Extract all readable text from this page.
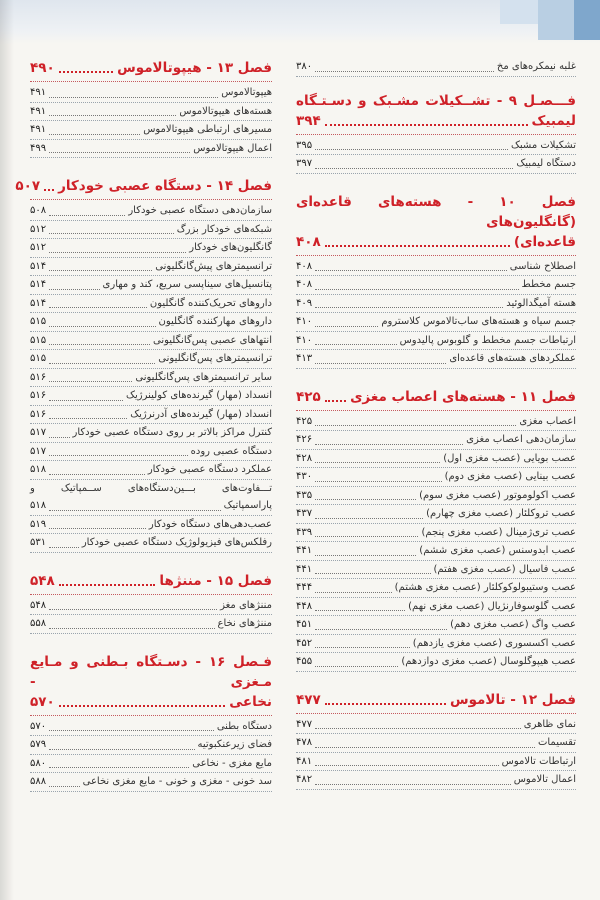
غلبه نیمکره‌های مخ
۳۸۰
فـــصـل ۹ - تشــکیلات مشـبک و دسـتـگاه
لیمبیک
۳۹۴
تشکیلات مشبک
۳۹۵
دستگاه لیمبیک
۳۹۷
فصل ۱۰ - هسته‌های قاعده‌ای (گانگلیون‌های
قاعده‌ای)
۴۰۸
اصطلاح شناسی
۴۰۸
جسم مخطط
۴۰۸
هسته آمیگدالوئید
۴۰۹
جسم سیاه و هسته‌های ساب‌تالاموس کلاستروم
۴۱۰
ارتباطات جسم مخطط و گلوبوس پالیدوس
۴۱۰
عملکردهای هسته‌های قاعده‌ای
۴۱۳
فصل ۱۱ - هسته‌های اعصاب مغزی
۴۲۵
اعصاب مغزی
۴۲۵
سازمان‌دهی اعصاب مغزی
۴۲۶
عصب بویایی (عصب مغزی اول)
۴۲۸
عصب بینایی (عصب مغزی دوم)
۴۳۰
عصب اکولوموتور (عصب مغزی سوم)
۴۳۵
عصب تروکلئار (عصب مغزی چهارم)
۴۳۷
عصب تری‌ژمینال (عصب مغزی پنجم)
۴۳۹
عصب ابدوسنس (عصب مغزی ششم)
۴۴۱
عصب فاسیال (عصب مغزی هفتم)
۴۴۱
عصب وستیبولوکوکلئار (عصب مغزی هشتم)
۴۴۴
عصب گلوسوفارنژیال (عصب مغزی نهم)
۴۴۸
عصب واگ (عصب مغزی دهم)
۴۵۱
عصب اکسسوری (عصب مغزی یازدهم)
۴۵۲
عصب هیپوگلوسال (عصب مغزی دوازدهم)
۴۵۵
فصل ۱۲ - تالاموس
۴۷۷
نمای ظاهری
۴۷۷
تقسیمات
۴۷۸
ارتباطات تالاموس
۴۸۱
اعمال تالاموس
۴۸۲
فصل ۱۳ - هیپوتالاموس
۴۹۰
هیپوتالاموس
۴۹۱
هسته‌های هیپوتالاموس
۴۹۱
مسیرهای ارتباطی هیپوتالاموس
۴۹۱
اعمال هیپوتالاموس
۴۹۹
فصل ۱۴ - دستگاه عصبی خودکار
۵۰۷
سازمان‌دهی دستگاه عصبی خودکار
۵۰۸
شبکه‌های خودکار بزرگ
۵۱۲
گانگلیون‌های خودکار
۵۱۲
ترانسیمترهای پیش‌گانگلیونی
۵۱۴
پتانسیل‌های سیناپسی سریع، کند و مهاری
۵۱۴
داروهای تحریک‌کننده گانگلیون
۵۱۴
داروهای مهارکننده گانگلیون
۵۱۵
انتهاهای عصبی پس‌گانگلیونی
۵۱۵
ترانسیمترهای پس‌گانگلیونی
۵۱۵
سایر ترانسیمترهای پس‌گانگلیونی
۵۱۶
انسداد (مهار) گیرنده‌های کولینرژیک
۵۱۶
انسداد (مهار) گیرنده‌های آدرنرژیک
۵۱۶
کنترل مراکز بالاتر بر روی دستگاه عصبی خودکار
۵۱۷
دستگاه عصبی روده
۵۱۷
عملکرد دستگاه عصبی خودکار
۵۱۸
تـــفاوت‌های بـــین‌دستگاه‌های ســمپاتیک و
پاراسمپاتیک
۵۱۸
عصب‌دهی‌های دستگاه خودکار
۵۱۹
رفلکس‌های فیزیولوژیک دستگاه عصبی خودکار
۵۳۱
فصل ۱۵ - مننژها
۵۴۸
مننژهای مغز
۵۴۸
مننژهای نخاع
۵۵۸
فـصل ۱۶ - دسـتگاه بـطنی و مـایع مـغزی -
نخاعی
۵۷۰
دستگاه بطنی
۵۷۰
فضای زیرعنکبوتیه
۵۷۹
مایع مغزی - نخاعی
۵۸۰
سد خونی - مغزی و خونی - مایع مغزی نخاعی
۵۸۸
